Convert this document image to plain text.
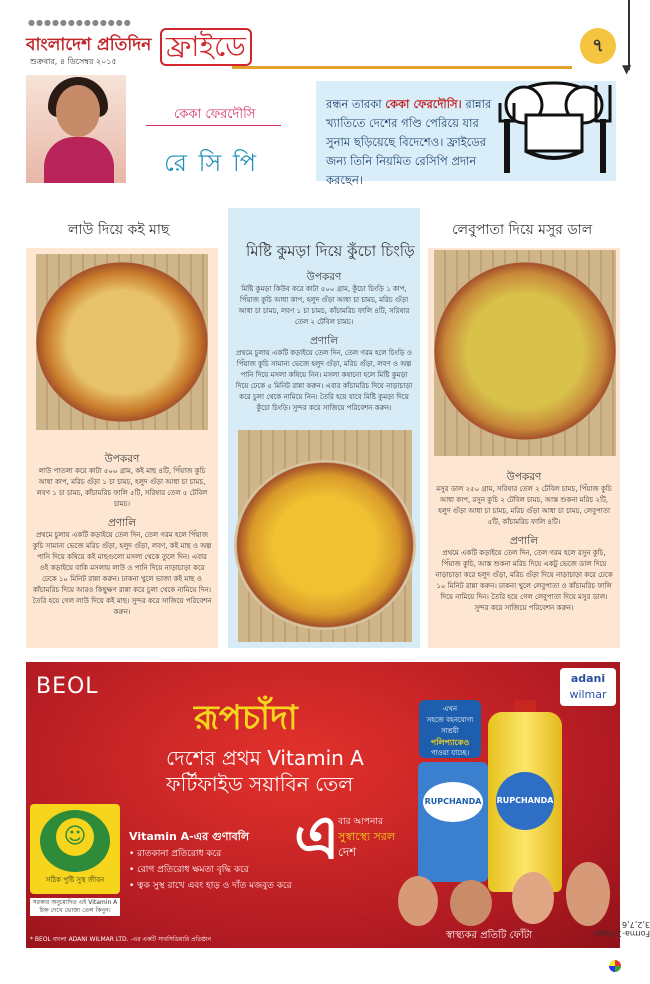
●●●●●●●●●●●●●
বাংলাদেশ প্রতিদিন
শুক্রবার, ৪ ডিসেম্বর ২০১৫ ফ্রাইডে	৭
▼
কেকা ফেরদৌসি
রে সি পি
রন্ধন তারকা কেকা ফেরদৌসি। রান্নার খ্যাতিতে দেশের গণ্ডি পেরিয়ে যার সুনাম ছড়িয়েছে বিদেশেও। ফ্রাইডের জন্য তিনি নিয়মিত রেসিপি প্রদান করছেন।
লাউ দিয়ে কই মাছ
উপকরণ
লাউ পাতলা করে কাটা ৫০০ গ্রাম, কই মাছ ৪টি, পিঁয়াজ কুচি আধা কাপ, মরিচ গুঁড়া ১ চা চামচ, হলুদ গুঁড়া আধা চা চামচ, লবণ ১ চা চামচ, কাঁচামরিচ ফালি ৫টি, সরিষার তেল ৫ টেবিল চামচ।
প্রণালি
প্রথমে চুলায় একটি কড়াইয়ে তেল দিন, তেল গরম হলে পিঁয়াজ কুচি সামান্য ভেজে মরিচ গুঁড়া, হলুদ গুঁড়া, লবণ, কই মাছ ও অল্প পানি দিয়ে কষিয়ে কই মাছগুলো মসলা থেকে তুলে দিন। এবার ওই কড়াইয়ে বাকি মসলায় লাউ ও পানি দিয়ে নাড়াচাড়া করে ঢেকে ১০ মিনিট রান্না করুন। ঢাকনা খুলে ভাজা কই মাছ ও কাঁচামরিচ দিয়ে আরও কিছুক্ষণ রান্না করে চুলা থেকে নামিয়ে দিন। তৈরি হয়ে গেল লাউ দিয়ে কই মাছ। সুন্দর করে সাজিয়ে পরিবেশন করুন।
মিষ্টি কুমড়া দিয়ে কুঁচো চিংড়ি
উপকরণ
মিষ্টি কুমড়া কিউব করে কাটা ৫০০ গ্রাম, কুঁচো চিংড়ি ১ কাপ, পিঁয়াজ কুচি আধা কাপ, হলুদ গুঁড়া আধা চা চামচ, মরিচ গুঁড়া আধা চা চামচ, লবণ ১ চা চামচ, কাঁচামরিচ ফালি ৪টি, সরিষার তেল ২ টেবিল চামচ।
প্রণালি
প্রথমে চুলায় একটি কড়াইয়ে তেল দিন, তেল গরম হলে চিংড়ি ও পিঁয়াজ কুচি সামান্য ভেজে হলুদ গুঁড়া, মরিচ গুঁড়া, লবণ ও অল্প পানি দিয়ে মসলা কষিয়ে নিন। মসলা কষানো হলে মিষ্টি কুমড়া দিয়ে ঢেকে ৫ মিনিট রান্না করুন। এবার কাঁচামরিচ দিয়ে নাড়াচাড়া করে চুলা থেকে নামিয়ে নিন। তৈরি হয়ে যাবে মিষ্টি কুমড়া দিয়ে কুঁচো চিংড়ি। সুন্দর করে সাজিয়ে পরিবেশন করুন।
লেবুপাতা দিয়ে মসুর ডাল
উপকরণ
মসুর ডাল ২৫০ গ্রাম, সরিষার তেল ২ টেবিল চামচ, পিঁয়াজ কুচি আধা কাপ, রসুন কুচি ২ টেবিল চামচ, আস্ত শুকনা মরিচ ২টি, হলুদ গুঁড়া আধা চা চামচ, মরিচ গুঁড়া আধা চা চামচ, লেবুপাতা ৫টি, কাঁচামরিচ ফালি ৪টি।
প্রণালি
প্রথমে একটি কড়াইয়ে তেল দিন, তেল গরম হলে রসুন কুচি, পিঁয়াজ কুচি, আস্ত শুকনা মরিচ দিয়ে একটু ভেজে ডাল দিয়ে নাড়াচাড়া করে হলুদ গুঁড়া, মরিচ গুঁড়া দিয়ে নাড়াচাড়া করে ঢেকে ১০ মিনিট রান্না করুন। ঢাকনা খুলে লেবুপাতা ও কাঁচামরিচ ফালি দিয়ে নামিয়ে দিন। তৈরি হয়ে গেল লেবুপাতা দিয়ে মসুর ডাল। সুন্দর করে সাজিয়ে পরিবেশন করুন।
BEOL	adani
wilmar
রূপচাঁদা
দেশের প্রথম Vitamin A
ফর্টিফাইড সয়াবিন তেল
☺
সঠিক পুষ্টি সুস্থ জীবন
সরকার অনুমোদিত এই Vitamin A চিহ্ন দেখে ভোজ্য তেল কিনুন।
Vitamin A-এর গুণাবলি
• রাতকানা প্রতিরোধ করে
• রোগ প্রতিরোধ ক্ষমতা বৃদ্ধি করে
• ত্বক সুস্থ রাখে এবং হাড় ও দাঁত মজবুত করে
এ
বার আপনার
সুস্বাস্থ্যে সরল
দেশ
এখন
সহজে বহনযোগ্য
সাশ্রয়ী
পলিপ্যাকেও
পাওয়া যাচ্ছে।
RUPCHANDA RUPCHANDA
স্বাস্থ্যকর প্রতিটি ফোঁটা
* BEOL বাংলা ADANI WILMAR LTD. -এর একটি সাবসিডিয়ারি প্রতিষ্ঠান
Forma-1 Page-3,2,7,6
